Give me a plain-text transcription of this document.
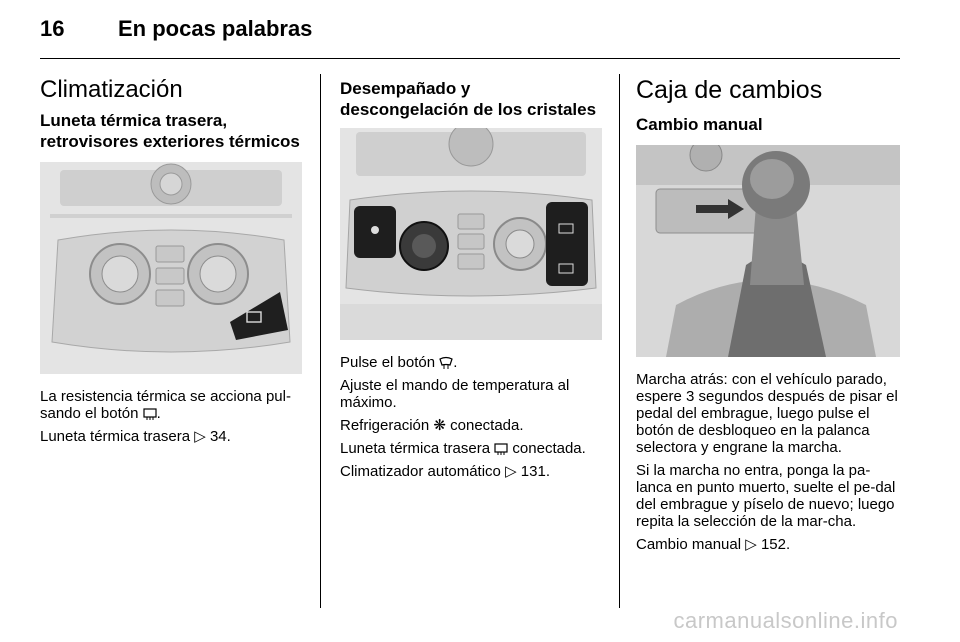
16 En pocas palabras
Climatización
Luneta térmica trasera, retrovisores exteriores térmicos

La resistencia térmica se acciona pul-sando el botón .

Luneta térmica trasera ▷ 34.

Desempañado y descongelación de los cristales

Pulse el botón .

Ajuste el mando de temperatura al máximo.

Refrigeración ❋ conectada.

Luneta térmica trasera conectada.

Climatizador automático ▷ 131.

Caja de cambios
Cambio manual

Marcha atrás: con el vehículo parado, espere 3 segundos después de pisar el pedal del embrague, luego pulse el botón de desbloqueo en la palanca selectora y engrane la marcha.

Si la marcha no entra, ponga la pa-lanca en punto muerto, suelte el pe-dal del embrague y píselo de nuevo; luego repita la selección de la mar-cha.

Cambio manual ▷ 152.

carmanualsonline.info
